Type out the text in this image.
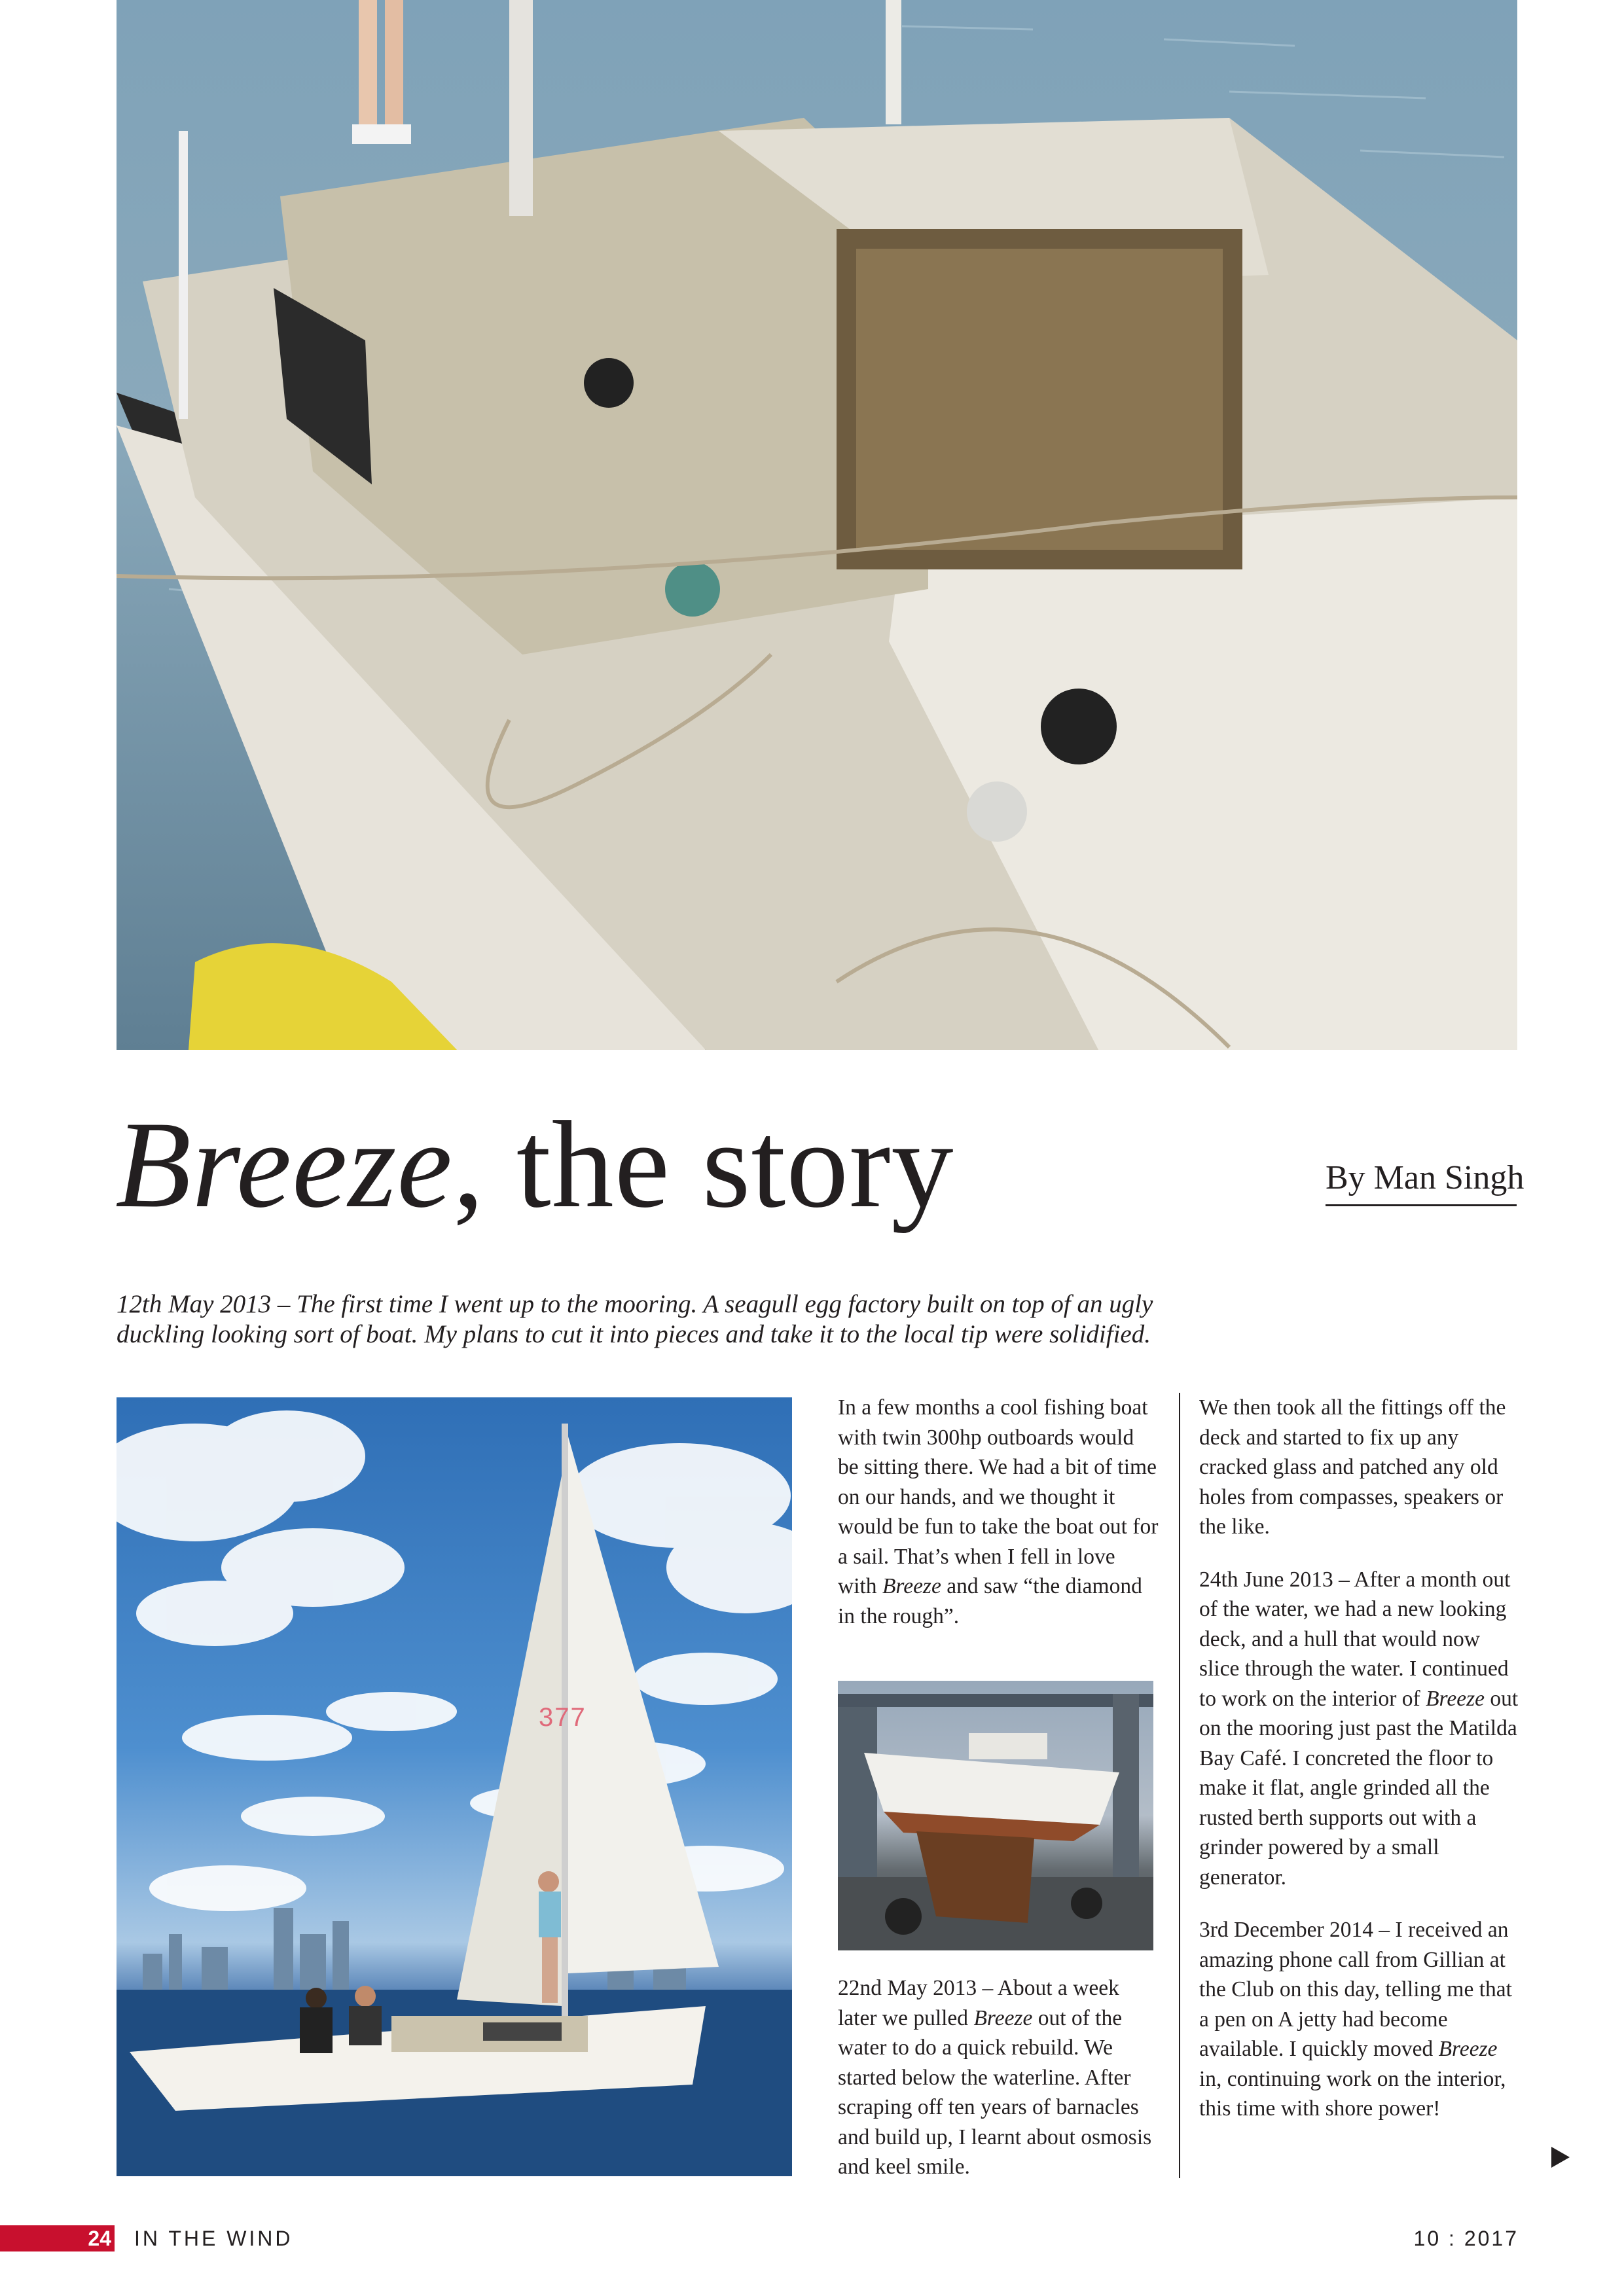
Breeze, the story	By Man Singh
12th May 2013 – The first time I went up to the mooring. A seagull egg factory built on top of an ugly duckling looking sort of boat. My plans to cut it into pieces and take it to the local tip were solidified.
377

In a few months a cool fishing boat with twin 300hp outboards would be sitting there. We had a bit of time on our hands, and we thought it would be fun to take the boat out for a sail. That’s when I fell in love with Breeze and saw “the diamond in the rough”.

22nd May 2013 – About a week later we pulled Breeze out of the water to do a quick rebuild. We started below the waterline. After scraping off ten years of barnacles and build up, I learnt about osmosis and keel smile.

We then took all the fittings off the deck and started to fix up any cracked glass and patched any old holes from compasses, speakers or the like.

24th June 2013 – After a month out of the water, we had a new looking deck, and a hull that would now slice through the water. I continued to work on the interior of Breeze out on the mooring just past the Matilda Bay Café. I concreted the floor to make it flat, angle grinded all the rusted berth supports out with a grinder powered by a small generator.

3rd December 2014 – I received an amazing phone call from Gillian at the Club on this day, telling me that a pen on A jetty had become available. I quickly moved Breeze in, continuing work on the interior, this time with shore power!

24 IN THE WIND	10 : 2017
